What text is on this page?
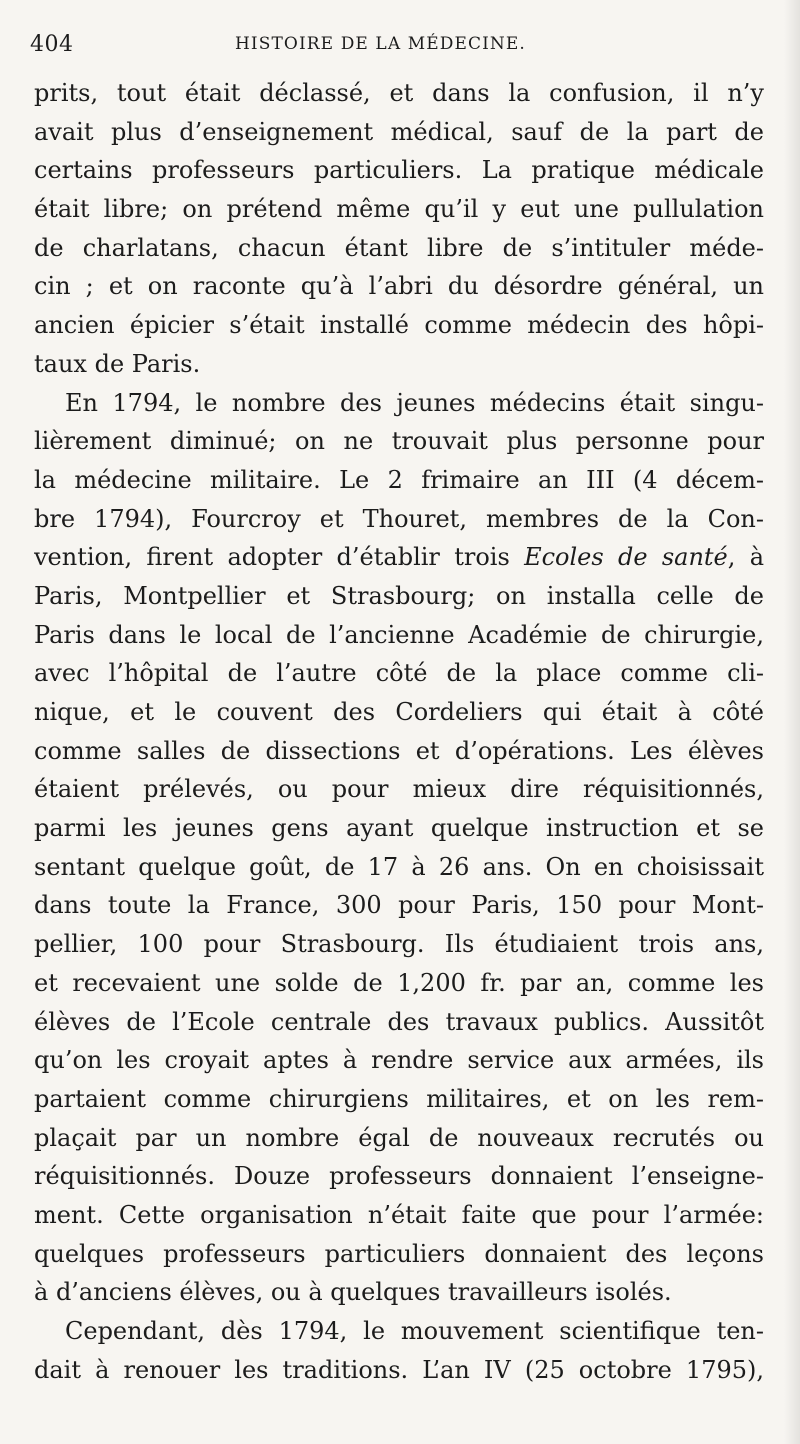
404	HISTOIRE DE LA MÉDECINE.
prits, tout était déclassé, et dans la confusion, il n’y
avait plus d’enseignement médical, sauf de la part de
certains professeurs particuliers. La pratique médicale
était libre; on prétend même qu’il y eut une pullulation
de charlatans, chacun étant libre de s’intituler méde-
cin ; et on raconte qu’à l’abri du désordre général, un
ancien épicier s’était installé comme médecin des hôpi-
taux de Paris.
En 1794, le nombre des jeunes médecins était singu-
lièrement diminué; on ne trouvait plus personne pour
la médecine militaire. Le 2 frimaire an III (4 décem-
bre 1794), Fourcroy et Thouret, membres de la Con-
vention, firent adopter d’établir trois Ecoles de santé, à
Paris, Montpellier et Strasbourg; on installa celle de
Paris dans le local de l’ancienne Académie de chirurgie,
avec l’hôpital de l’autre côté de la place comme cli-
nique, et le couvent des Cordeliers qui était à côté
comme salles de dissections et d’opérations. Les élèves
étaient prélevés, ou pour mieux dire réquisitionnés,
parmi les jeunes gens ayant quelque instruction et se
sentant quelque goût, de 17 à 26 ans. On en choisissait
dans toute la France, 300 pour Paris, 150 pour Mont-
pellier, 100 pour Strasbourg. Ils étudiaient trois ans,
et recevaient une solde de 1,200 fr. par an, comme les
élèves de l’Ecole centrale des travaux publics. Aussitôt
qu’on les croyait aptes à rendre service aux armées, ils
partaient comme chirurgiens militaires, et on les rem-
plaçait par un nombre égal de nouveaux recrutés ou
réquisitionnés. Douze professeurs donnaient l’enseigne-
ment. Cette organisation n’était faite que pour l’armée:
quelques professeurs particuliers donnaient des leçons
à d’anciens élèves, ou à quelques travailleurs isolés.
Cependant, dès 1794, le mouvement scientifique ten-
dait à renouer les traditions. L’an IV (25 octobre 1795),
